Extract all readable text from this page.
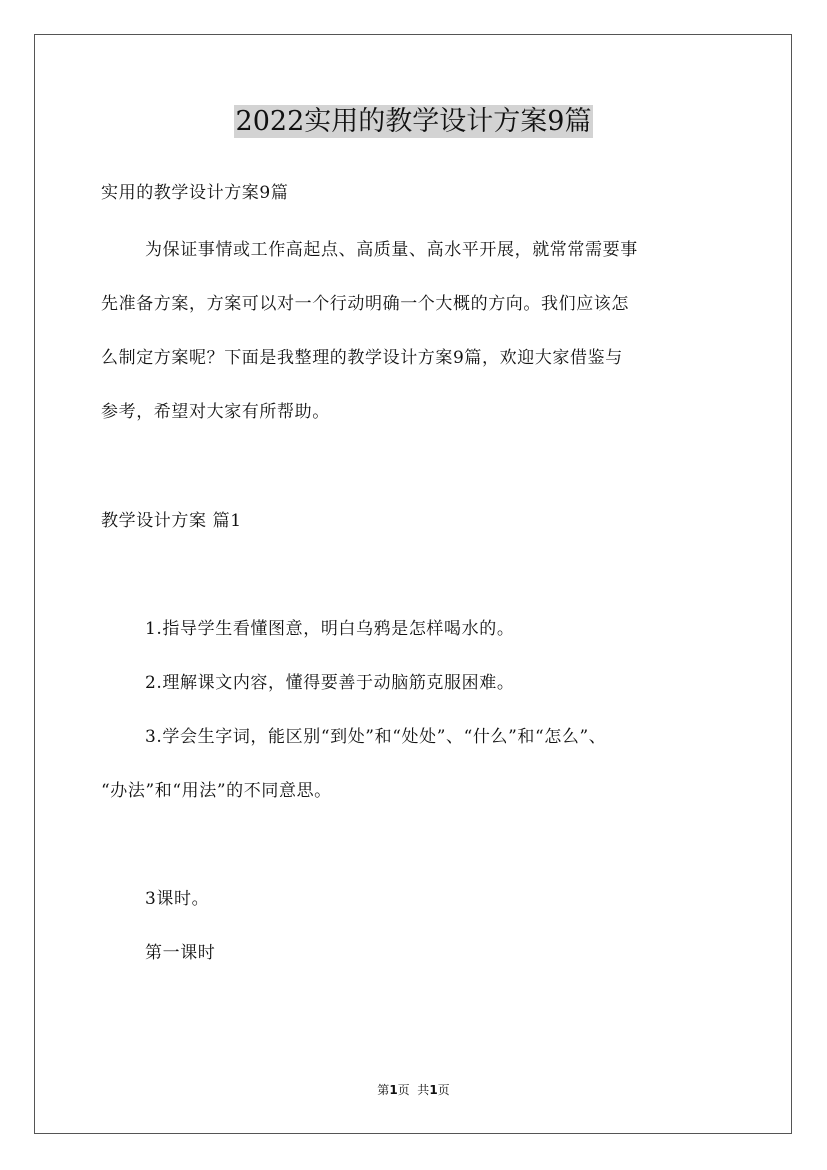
2022实用的教学设计方案9篇
实用的教学设计方案9篇
为保证事情或工作高起点、高质量、高水平开展，就常常需要事
先准备方案，方案可以对一个行动明确一个大概的方向。我们应该怎
么制定方案呢？下面是我整理的教学设计方案9篇，欢迎大家借鉴与
参考，希望对大家有所帮助。
教学设计方案 篇1
1.指导学生看懂图意，明白乌鸦是怎样喝水的。
2.理解课文内容，懂得要善于动脑筋克服困难。
3.学会生字词，能区别“到处”和“处处”、“什么”和“怎么”、
“办法”和“用法”的不同意思。
3课时。
第一课时
第1页  共1页
